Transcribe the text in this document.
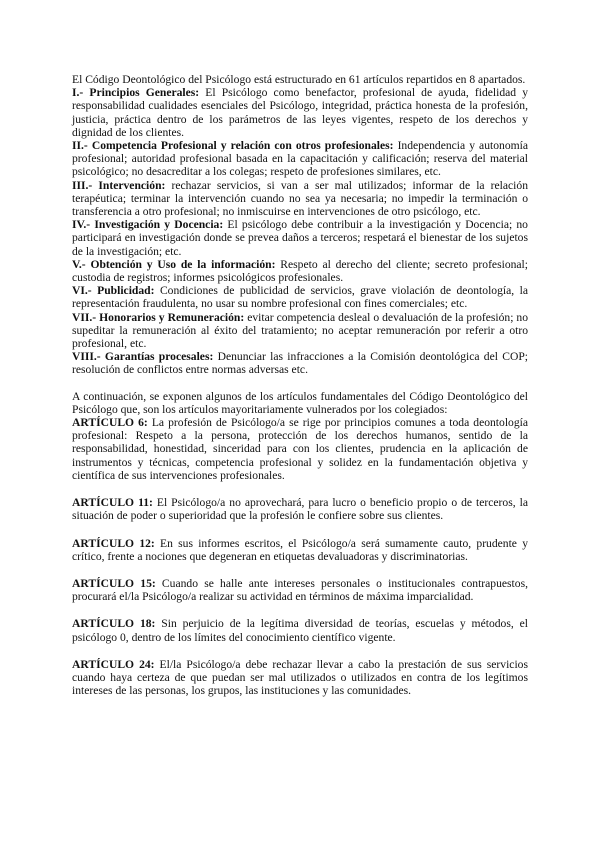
El Código Deontológico del Psicólogo está estructurado en 61 artículos repartidos en 8 apartados.

I.- Principios Generales: El Psicólogo como benefactor, profesional de ayuda, fidelidad y responsabilidad cualidades esenciales del Psicólogo, integridad, práctica honesta de la profesión, justicia, práctica dentro de los parámetros de las leyes vigentes, respeto de los derechos y dignidad de los clientes.

II.- Competencia Profesional y relación con otros profesionales: Independencia y autonomía profesional; autoridad profesional basada en la capacitación y calificación; reserva del material psicológico; no desacreditar a los colegas; respeto de profesiones similares, etc.

III.- Intervención: rechazar servicios, si van a ser mal utilizados; informar de la relación terapéutica; terminar la intervención cuando no sea ya necesaria; no impedir la terminación o transferencia a otro profesional; no inmiscuirse en intervenciones de otro psicólogo, etc.

IV.- Investigación y Docencia: El psicólogo debe contribuir a la investigación y Docencia; no participará en investigación donde se prevea daños a terceros; respetará el bienestar de los sujetos de la investigación; etc.

V.- Obtención y Uso de la información: Respeto al derecho del cliente; secreto profesional; custodia de registros; informes psicológicos profesionales.

VI.- Publicidad: Condiciones de publicidad de servicios, grave violación de deontología, la representación fraudulenta, no usar su nombre profesional con fines comerciales; etc.

VII.- Honorarios y Remuneración: evitar competencia desleal o devaluación de la profesión; no supeditar la remuneración al éxito del tratamiento; no aceptar remuneración por referir a otro profesional, etc.

VIII.- Garantías procesales: Denunciar las infracciones a la Comisión deontológica del COP; resolución de conflictos entre normas adversas etc.

A continuación, se exponen algunos de los artículos fundamentales del Código Deontológico del Psicólogo que, son los artículos mayoritariamente vulnerados por los colegiados:

ARTÍCULO 6: La profesión de Psicólogo/a se rige por principios comunes a toda deontología profesional: Respeto a la persona, protección de los derechos humanos, sentido de la responsabilidad, honestidad, sinceridad para con los clientes, prudencia en la aplicación de instrumentos y técnicas, competencia profesional y solidez en la fundamentación objetiva y científica de sus intervenciones profesionales.

ARTÍCULO 11: El Psicólogo/a no aprovechará, para lucro o beneficio propio o de terceros, la situación de poder o superioridad que la profesión le confiere sobre sus clientes.

ARTÍCULO 12: En sus informes escritos, el Psicólogo/a será sumamente cauto, prudente y crítico, frente a nociones que degeneran en etiquetas devaluadoras y discriminatorias.

ARTÍCULO 15: Cuando se halle ante intereses personales o institucionales contrapuestos, procurará el/la Psicólogo/a realizar su actividad en términos de máxima imparcialidad.

ARTÍCULO 18: Sin perjuicio de la legítima diversidad de teorías, escuelas y métodos, el psicólogo 0, dentro de los límites del conocimiento científico vigente.

ARTÍCULO 24: El/la Psicólogo/a debe rechazar llevar a cabo la prestación de sus servicios cuando haya certeza de que puedan ser mal utilizados o utilizados en contra de los legítimos intereses de las personas, los grupos, las instituciones y las comunidades.
